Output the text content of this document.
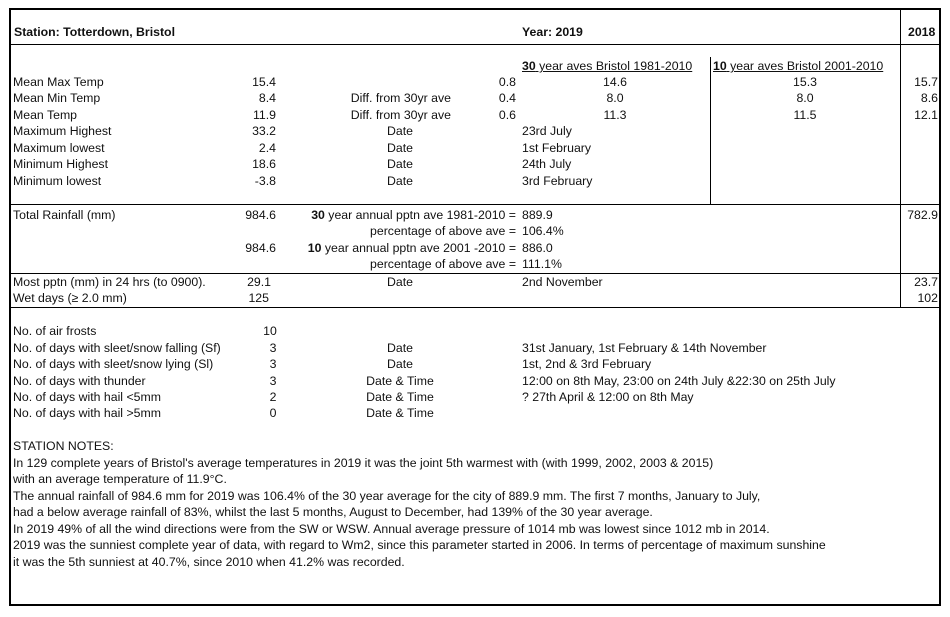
Station: Totterdown, Bristol	Year: 2019	2018
30 year aves Bristol 1981-2010 10 year aves Bristol 2001-2010
Mean Max Temp	15.4	0.8	14.6	15.3	15.7
Mean Min Temp	8.4	Diff. from 30yr ave	0.4	8.0	8.0	8.6
Mean Temp	11.9	Diff. from 30yr ave	0.6	11.3	11.5	12.1
Maximum Highest	33.2	Date	23rd July
Maximum lowest	2.4	Date	1st February
Minimum Highest	18.6	Date	24th July
Minimum lowest	-3.8	Date	3rd February
Total Rainfall (mm)	984.6	30 year annual pptn ave 1981-2010 = 889.9	782.9
percentage of above ave = 106.4%
984.6	10 year annual pptn ave 2001 -2010 = 886.0
percentage of above ave = 111.1%
Most pptn (mm) in 24 hrs (to 0900).	29.1	Date	2nd November	23.7
Wet days (≥ 2.0 mm)	125	102
No. of air frosts	10
No. of days with sleet/snow falling (Sf)	3	Date	31st January, 1st February & 14th November
No. of days with sleet/snow lying (Sl)	3	Date	1st, 2nd & 3rd February
No. of days with thunder	3	Date & Time	12:00 on 8th May, 23:00 on 24th July &22:30 on 25th July
No. of days with hail <5mm	2	Date & Time	? 27th April & 12:00 on 8th May
No. of days with hail >5mm	0	Date & Time
STATION NOTES:
In 129 complete years of Bristol's average temperatures in 2019 it was the joint 5th warmest with (with 1999, 2002, 2003 & 2015)
with an average temperature of 11.9°C.
The annual rainfall of 984.6 mm for 2019 was 106.4% of the 30 year average for the city of 889.9 mm. The first 7 months, January to July,
had a below average rainfall of 83%, whilst the last 5 months, August to December, had 139% of the 30 year average.
In 2019 49% of all the wind directions were from the SW or WSW. Annual average pressure of 1014 mb was lowest since 1012 mb in 2014.
2019 was the sunniest complete year of data, with regard to Wm2, since this parameter started in 2006. In terms of percentage of maximum sunshine
it was the 5th sunniest at 40.7%, since 2010 when 41.2% was recorded.
